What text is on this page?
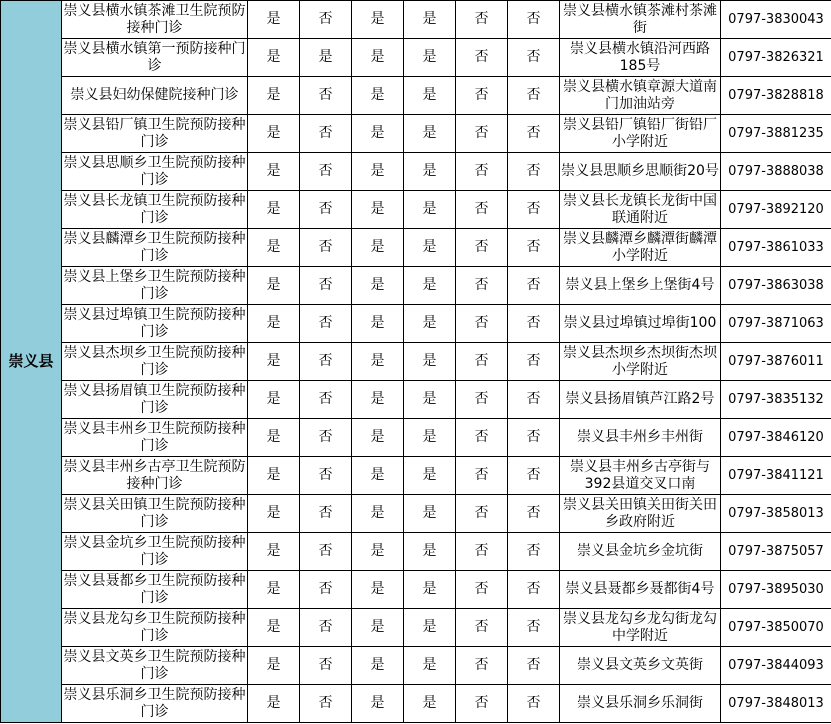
崇义县	崇义县横水镇茶滩卫生院预防接种门诊	是	否	是	是	否	否	崇义县横水镇茶滩村茶滩街	0797-3830043
	崇义县横水镇第一预防接种门诊	是	是	是	是	否	否	崇义县横水镇沿河西路185号	0797-3826321
	崇义县妇幼保健院接种门诊	是	否	是	是	否	否	崇义县横水镇章源大道南门加油站旁	0797-3828818
	崇义县铅厂镇卫生院预防接种门诊	是	否	是	是	否	否	崇义县铅厂镇铅厂街铅厂小学附近	0797-3881235
	崇义县思顺乡卫生院预防接种门诊	是	否	是	是	否	否	崇义县思顺乡思顺街20号	0797-3888038
	崇义县长龙镇卫生院预防接种门诊	是	否	是	是	否	否	崇义县长龙镇长龙街中国联通附近	0797-3892120
	崇义县麟潭乡卫生院预防接种门诊	是	否	是	是	否	否	崇义县麟潭乡麟潭街麟潭小学附近	0797-3861033
	崇义县上堡乡卫生院预防接种门诊	是	否	是	是	否	否	崇义县上堡乡上堡街4号	0797-3863038
	崇义县过埠镇卫生院预防接种门诊	是	否	是	是	否	否	崇义县过埠镇过埠街100	0797-3871063
	崇义县杰坝乡卫生院预防接种门诊	是	否	是	是	否	否	崇义县杰坝乡杰坝街杰坝小学附近	0797-3876011
	崇义县扬眉镇卫生院预防接种门诊	是	否	是	是	否	否	崇义县扬眉镇芦江路2号	0797-3835132
	崇义县丰州乡卫生院预防接种门诊	是	否	是	是	否	否	崇义县丰州乡丰州街	0797-3846120
	崇义县丰州乡古亭卫生院预防接种门诊	是	否	是	是	否	否	崇义县丰州乡古亭街与392县道交叉口南	0797-3841121
	崇义县关田镇卫生院预防接种门诊	是	否	是	是	否	否	崇义县关田镇关田街关田乡政府附近	0797-3858013
	崇义县金坑乡卫生院预防接种门诊	是	否	是	是	否	否	崇义县金坑乡金坑街	0797-3875057
	崇义县聂都乡卫生院预防接种门诊	是	否	是	是	否	否	崇义县聂都乡聂都街4号	0797-3895030
	崇义县龙勾乡卫生院预防接种门诊	是	否	是	是	否	否	崇义县龙勾乡龙勾街龙勾中学附近	0797-3850070
	崇义县文英乡卫生院预防接种门诊	是	否	是	是	否	否	崇义县文英乡文英街	0797-3844093
	崇义县乐洞乡卫生院预防接种门诊	是	否	是	是	否	否	崇义县乐洞乡乐洞街	0797-3848013
